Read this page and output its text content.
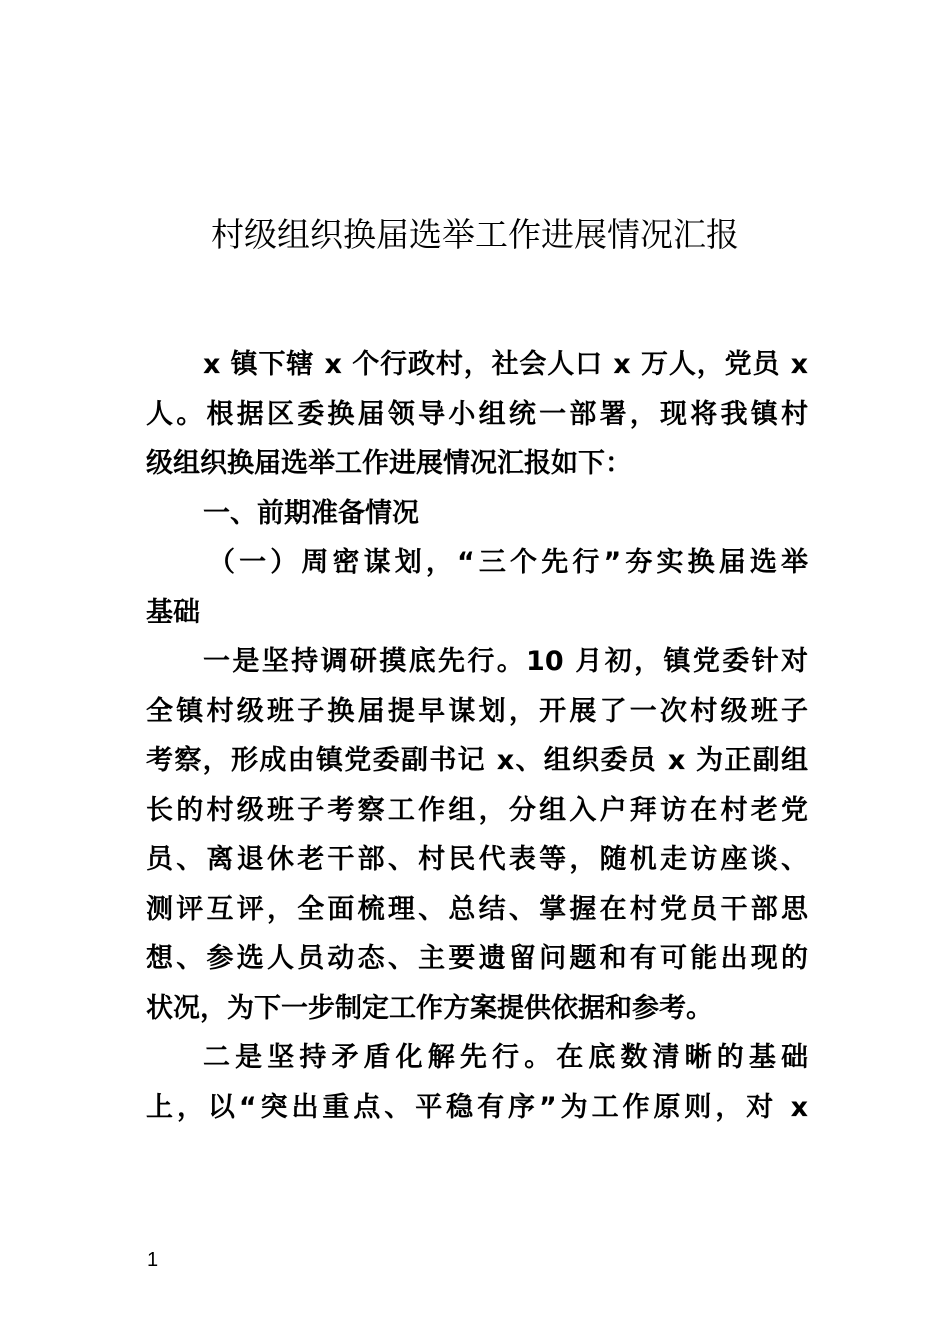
村级组织换届选举工作进展情况汇报
x 镇下辖 x 个行政村，社会人口 x 万人，党员 x
人。根据区委换届领导小组统一部署，现将我镇村
级组织换届选举工作进展情况汇报如下：
一、前期准备情况
（一）周密谋划，“三个先行”夯实换届选举
基础
一是坚持调研摸底先行。10 月初，镇党委针对
全镇村级班子换届提早谋划，开展了一次村级班子
考察，形成由镇党委副书记 x、组织委员 x 为正副组
长的村级班子考察工作组，分组入户拜访在村老党
员、离退休老干部、村民代表等，随机走访座谈、
测评互评，全面梳理、总结、掌握在村党员干部思
想、参选人员动态、主要遗留问题和有可能出现的
状况，为下一步制定工作方案提供依据和参考。
二是坚持矛盾化解先行。在底数清晰的基础
上，以“突出重点、平稳有序”为工作原则，对 x
1
